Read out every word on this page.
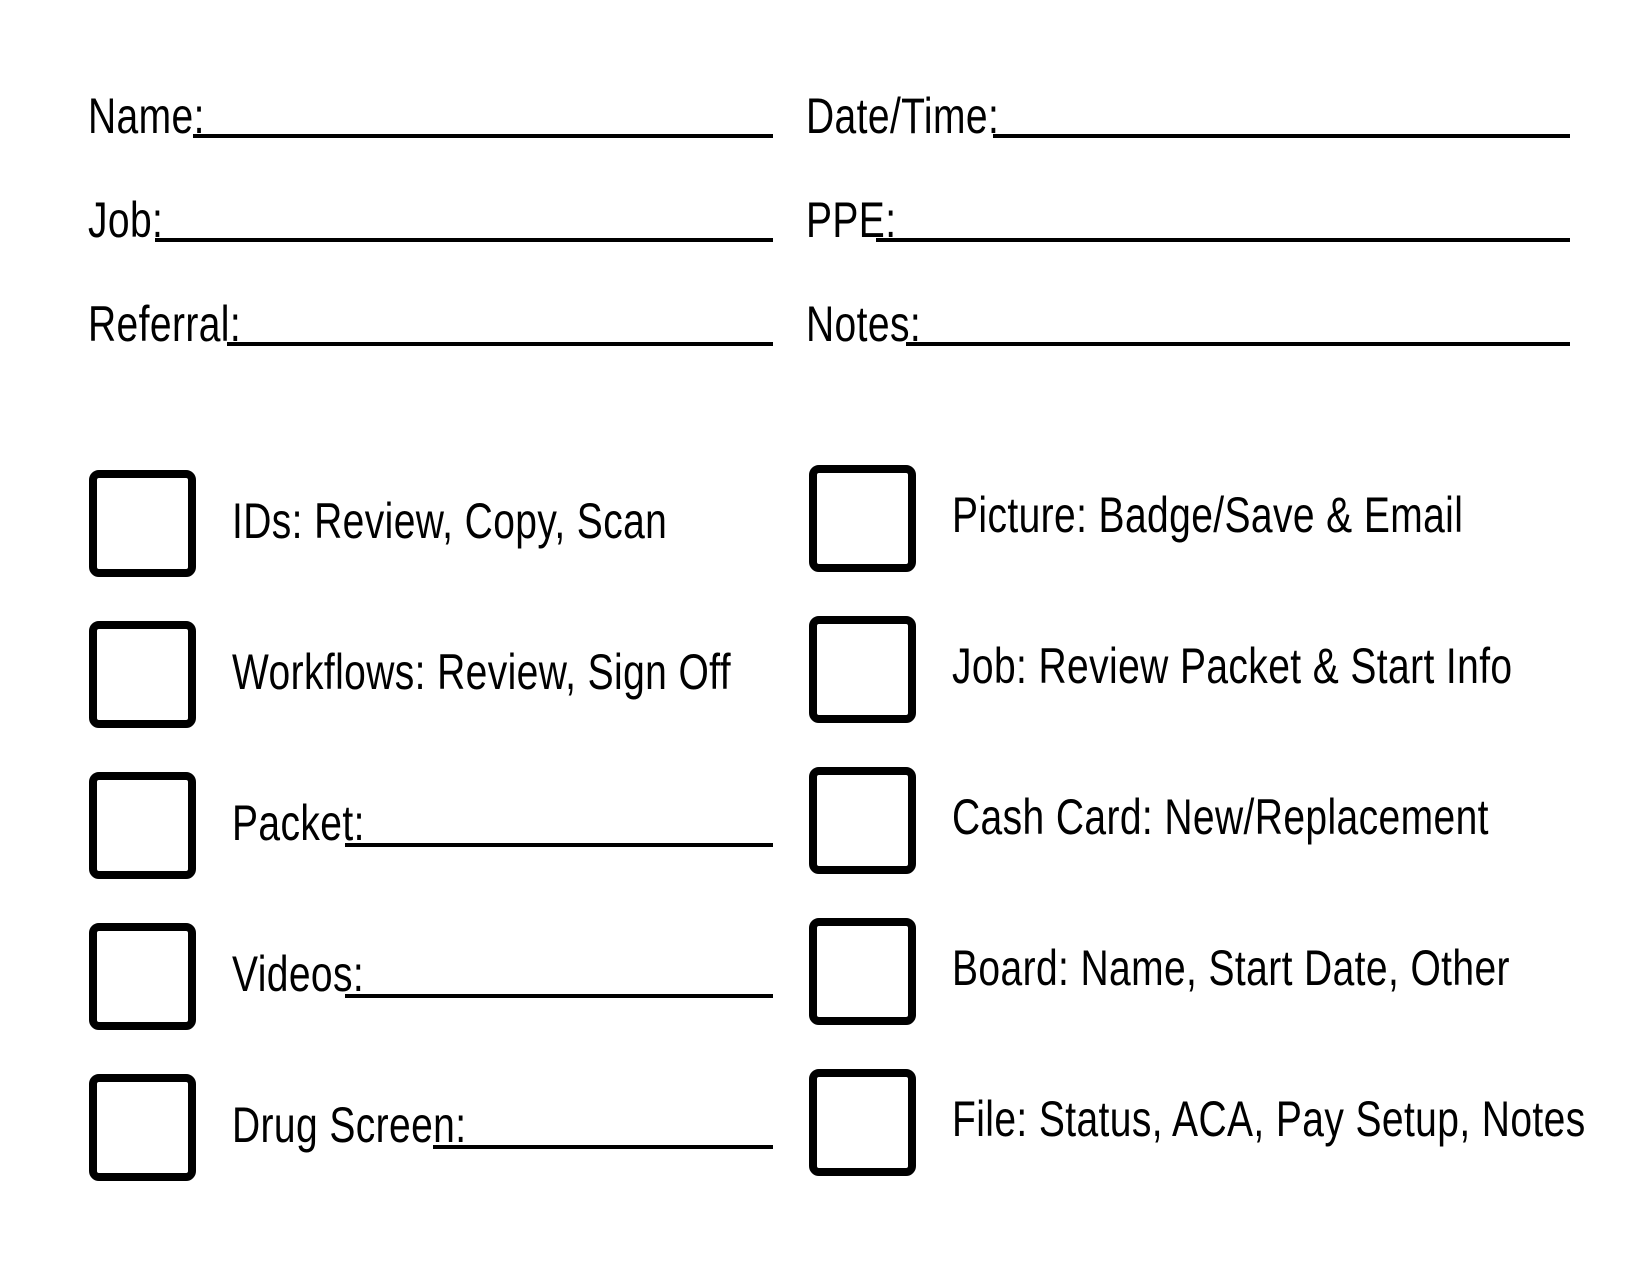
Name:
Job:
Referral:
Date/Time:
PPE:
Notes:
IDs: Review, Copy, Scan
Workflows: Review, Sign Off
Packet:
Videos:
Drug Screen:
Picture: Badge/Save & Email
Job: Review Packet & Start Info
Cash Card: New/Replacement
Board: Name, Start Date, Other
File: Status, ACA, Pay Setup, Notes
